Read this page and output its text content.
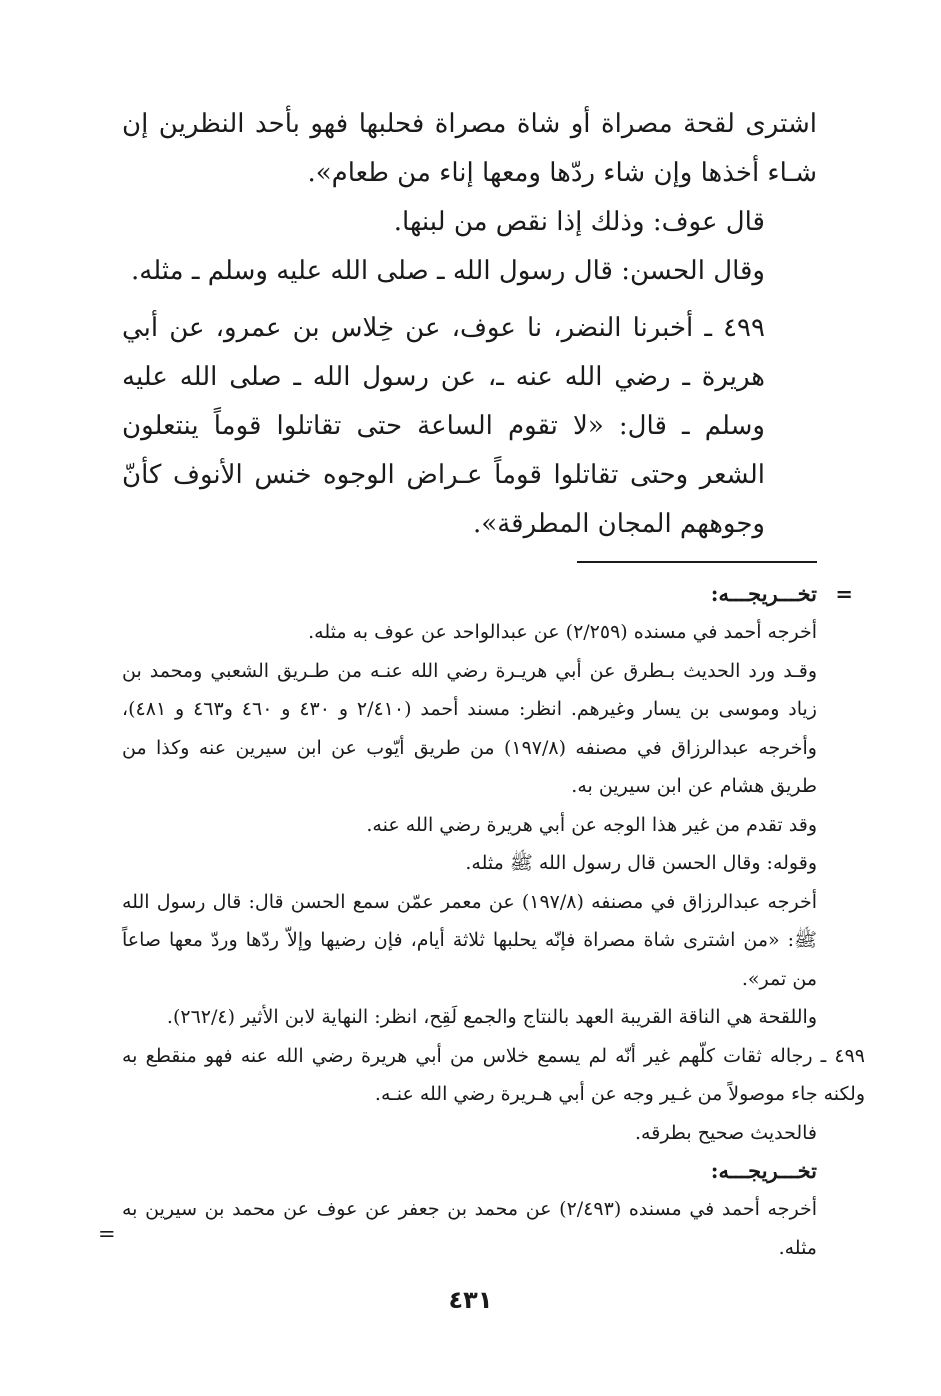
اشترى لقحة مصراة أو شاة مصراة فحلبها فهو بأحد النظرين إن شـاء أخذها وإن شاء ردّها ومعها إناء من طعام».

قال عوف: وذلك إذا نقص من لبنها.

وقال الحسن: قال رسول الله ـ صلى الله عليه وسلم ـ مثله.

٤٩٩ ـ أخبرنا النضر، نا عوف، عن خِلاس بن عمرو، عن أبي هريرة ـ رضي الله عنه ـ، عن رسول الله ـ صلى الله عليه وسلم ـ قال: «لا تقوم الساعة حتى تقاتلوا قوماً ينتعلون الشعر وحتى تقاتلوا قوماً عـراض الوجوه خنس الأنوف كأنّ وجوههم المجان المطرقة».

=
تخـــريجـــه:

أخرجه أحمد في مسنده (٢/٢٥٩) عن عبدالواحد عن عوف به مثله.

وقـد ورد الحديث بـطرق عن أبي هريـرة رضي الله عنـه من طـريق الشعبي ومحمد بن زياد وموسى بن يسار وغيرهم. انظر: مسند أحمد (٢/٤١٠ و ٤٣٠ و ٤٦٠ و٤٦٣ و ٤٨١)، وأخرجه عبدالرزاق في مصنفه (١٩٧/٨) من طريق أيّوب عن ابن سيرين عنه وكذا من طريق هشام عن ابن سيرين به.

وقد تقدم من غير هذا الوجه عن أبي هريرة رضي الله عنه.

وقوله: وقال الحسن قال رسول الله ﷺ مثله.

أخرجه عبدالرزاق في مصنفه (١٩٧/٨) عن معمر عمّن سمع الحسن قال: قال رسول الله ﷺ: «من اشترى شاة مصراة فإنّه يحلبها ثلاثة أيام، فإن رضيها وإلاّ ردّها وردّ معها صاعاً من تمر».

واللقحة هي الناقة القريبة العهد بالنتاج والجمع لَقِح، انظر: النهاية لابن الأثير (٢٦٢/٤).

٤٩٩ ـ رجاله ثقات كلّهم غير أنّه لم يسمع خلاس من أبي هريرة رضي الله عنه فهو منقطع به ولكنه جاء موصولاً من غـير وجه عن أبي هـريرة رضي الله عنـه.

فالحديث صحيح بطرقه.

تخـــريجـــه:

أخرجه أحمد في مسنده (٢/٤٩٣) عن محمد بن جعفر عن عوف عن محمد بن سيرين به مثله.

=
٤٣١
